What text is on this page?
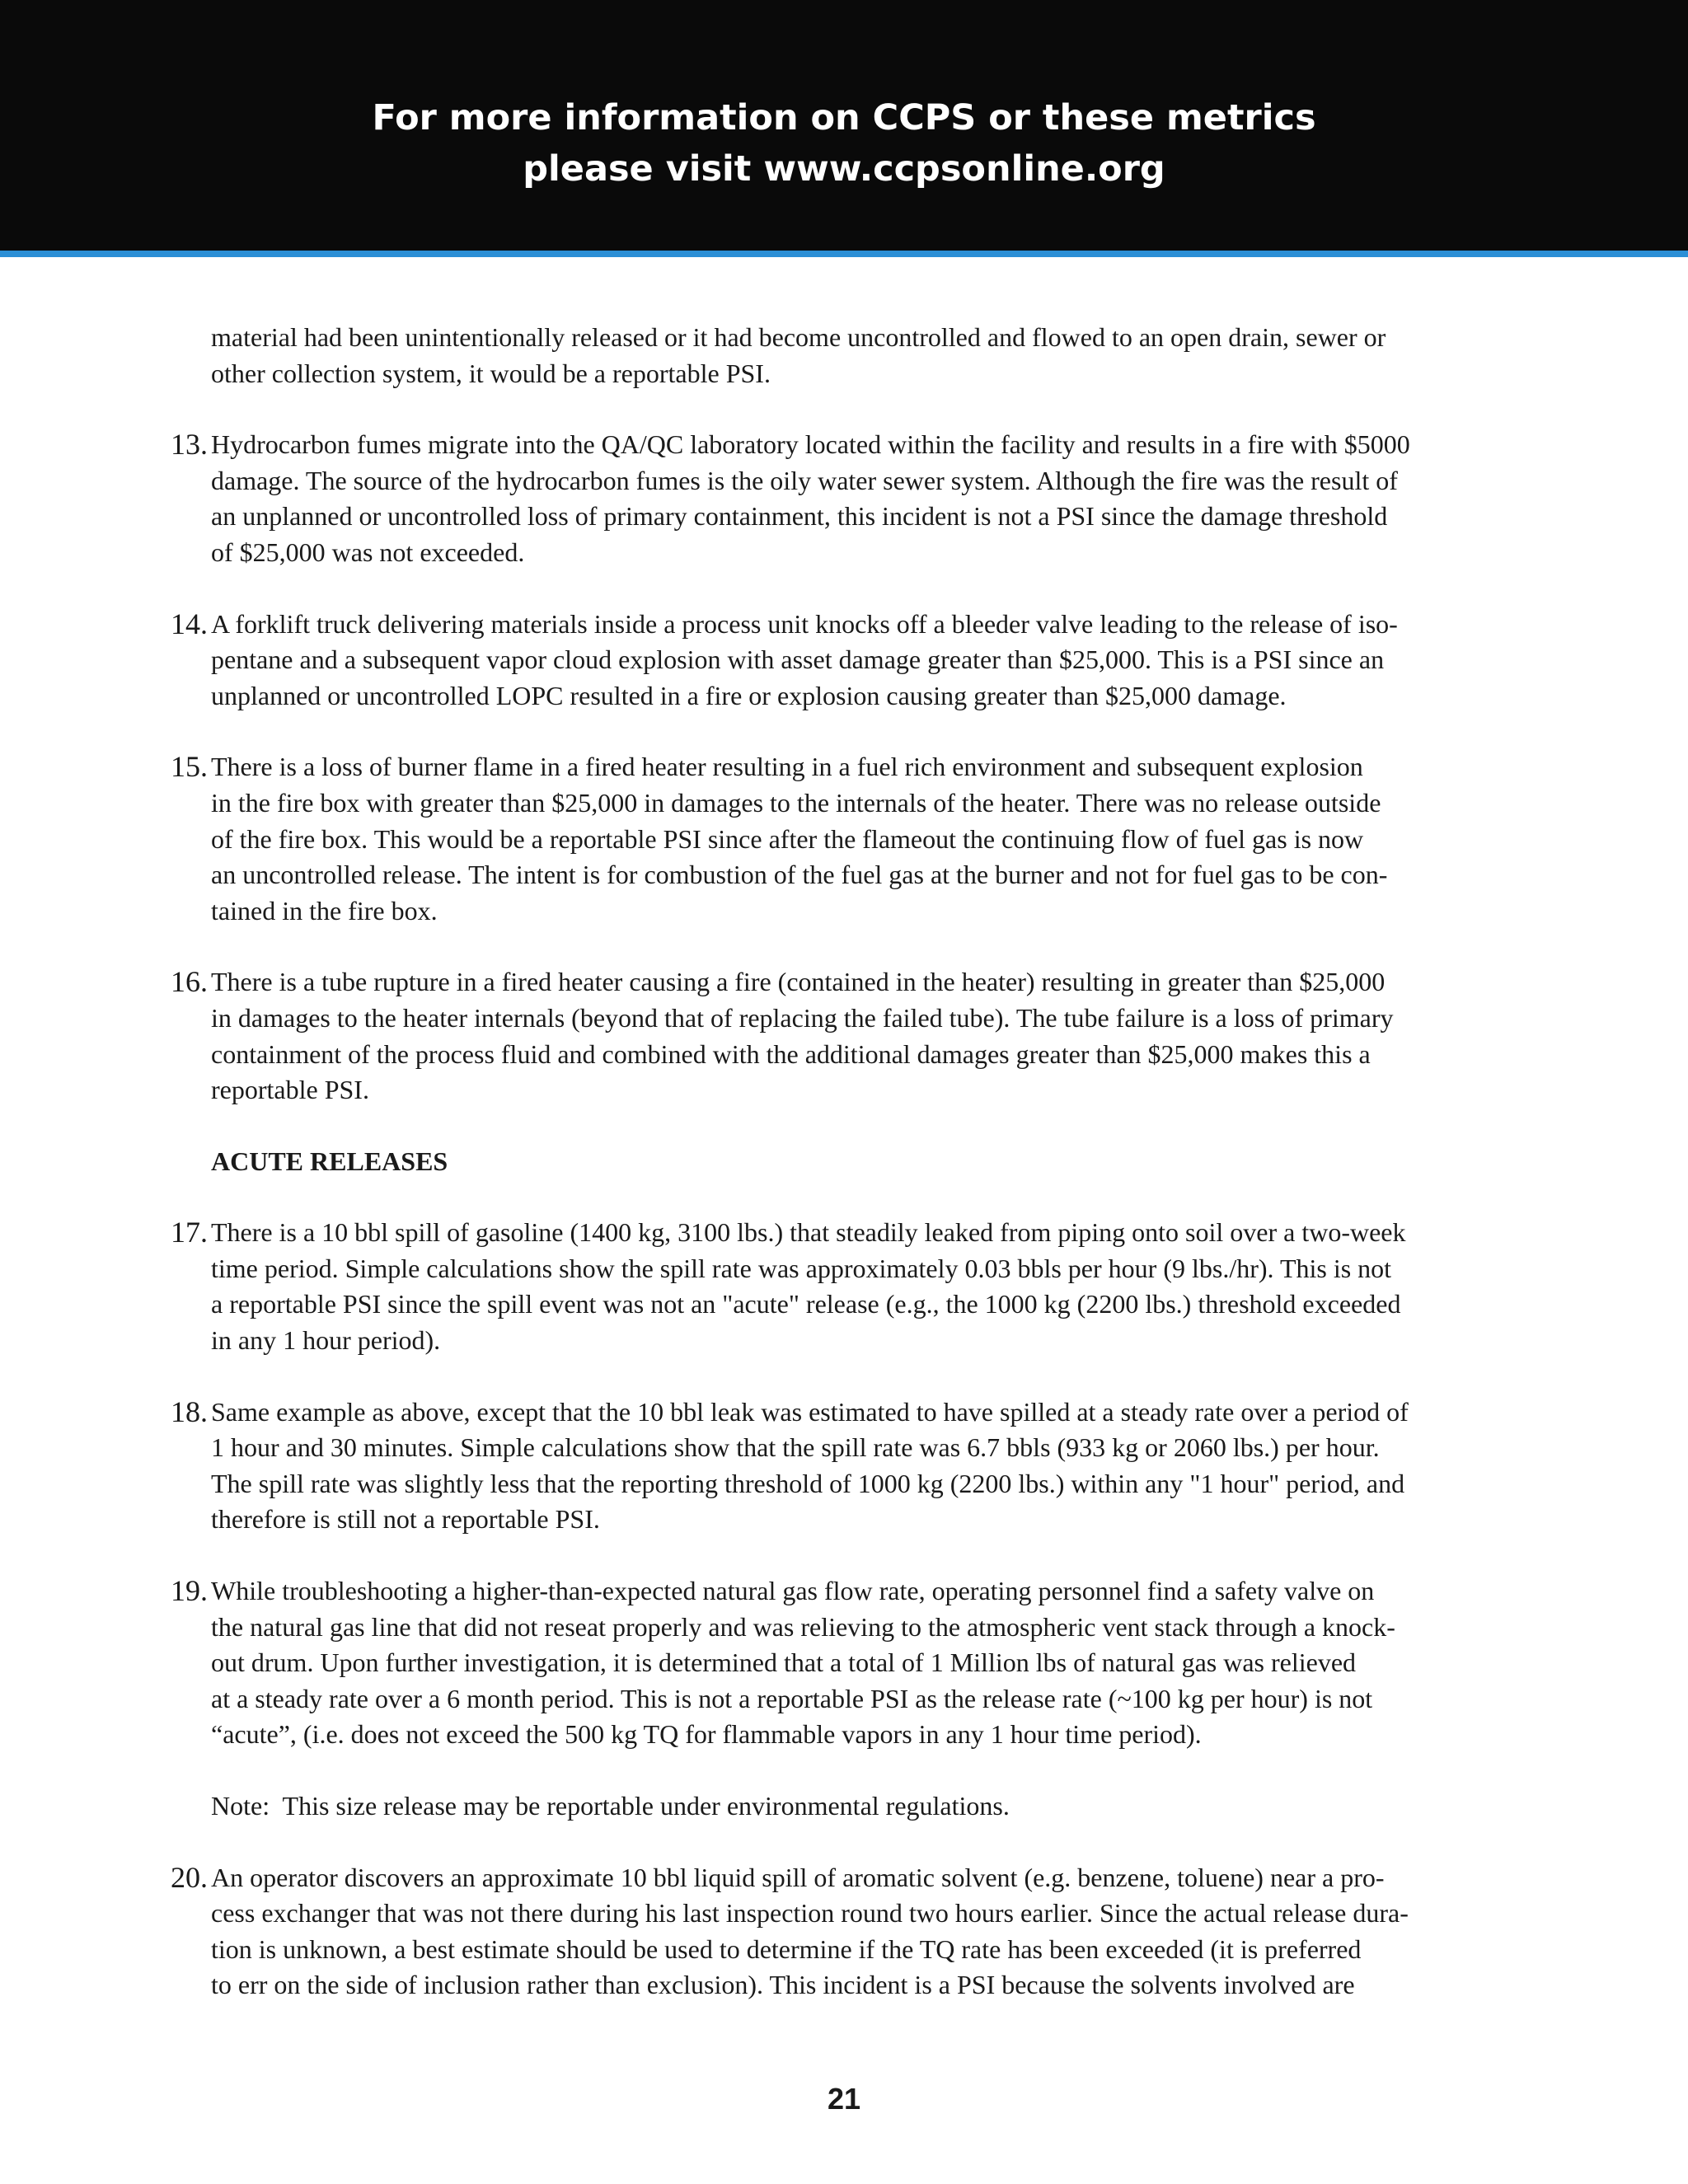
For more information on CCPS or these metrics
please visit www.ccpsonline.org
material had been unintentionally released or it had become uncontrolled and flowed to an open drain, sewer or
other collection system, it would be a reportable PSI.
13. Hydrocarbon fumes migrate into the QA/QC laboratory located within the facility and results in a fire with $5000
damage. The source of the hydrocarbon fumes is the oily water sewer system. Although the fire was the result of
an unplanned or uncontrolled loss of primary containment, this incident is not a PSI since the damage threshold
of $25,000 was not exceeded.
14. A forklift truck delivering materials inside a process unit knocks off a bleeder valve leading to the release of iso-
pentane and a subsequent vapor cloud explosion with asset damage greater than $25,000. This is a PSI since an
unplanned or uncontrolled LOPC resulted in a fire or explosion causing greater than $25,000 damage.
15. There is a loss of burner flame in a fired heater resulting in a fuel rich environment and subsequent explosion
in the fire box with greater than $25,000 in damages to the internals of the heater. There was no release outside
of the fire box. This would be a reportable PSI since after the flameout the continuing flow of fuel gas is now
an uncontrolled release. The intent is for combustion of the fuel gas at the burner and not for fuel gas to be con-
tained in the fire box.
16. There is a tube rupture in a fired heater causing a fire (contained in the heater) resulting in greater than $25,000
in damages to the heater internals (beyond that of replacing the failed tube). The tube failure is a loss of primary
containment of the process fluid and combined with the additional damages greater than $25,000 makes this a
reportable PSI.
ACUTE RELEASES
17. There is a 10 bbl spill of gasoline (1400 kg, 3100 lbs.) that steadily leaked from piping onto soil over a two-week
time period. Simple calculations show the spill rate was approximately 0.03 bbls per hour (9 lbs./hr). This is not
a reportable PSI since the spill event was not an "acute" release (e.g., the 1000 kg (2200 lbs.) threshold exceeded
in any 1 hour period).
18. Same example as above, except that the 10 bbl leak was estimated to have spilled at a steady rate over a period of
1 hour and 30 minutes. Simple calculations show that the spill rate was 6.7 bbls (933 kg or 2060 lbs.) per hour.
The spill rate was slightly less that the reporting threshold of 1000 kg (2200 lbs.) within any "1 hour" period, and
therefore is still not a reportable PSI.
19. While troubleshooting a higher-than-expected natural gas flow rate, operating personnel find a safety valve on
the natural gas line that did not reseat properly and was relieving to the atmospheric vent stack through a knock-
out drum. Upon further investigation, it is determined that a total of 1 Million lbs of natural gas was relieved
at a steady rate over a 6 month period. This is not a reportable PSI as the release rate (~100 kg per hour) is not
“acute”, (i.e. does not exceed the 500 kg TQ for flammable vapors in any 1 hour time period).
Note:  This size release may be reportable under environmental regulations.
20. An operator discovers an approximate 10 bbl liquid spill of aromatic solvent (e.g. benzene, toluene) near a pro-
cess exchanger that was not there during his last inspection round two hours earlier. Since the actual release dura-
tion is unknown, a best estimate should be used to determine if the TQ rate has been exceeded (it is preferred
to err on the side of inclusion rather than exclusion). This incident is a PSI because the solvents involved are
21
